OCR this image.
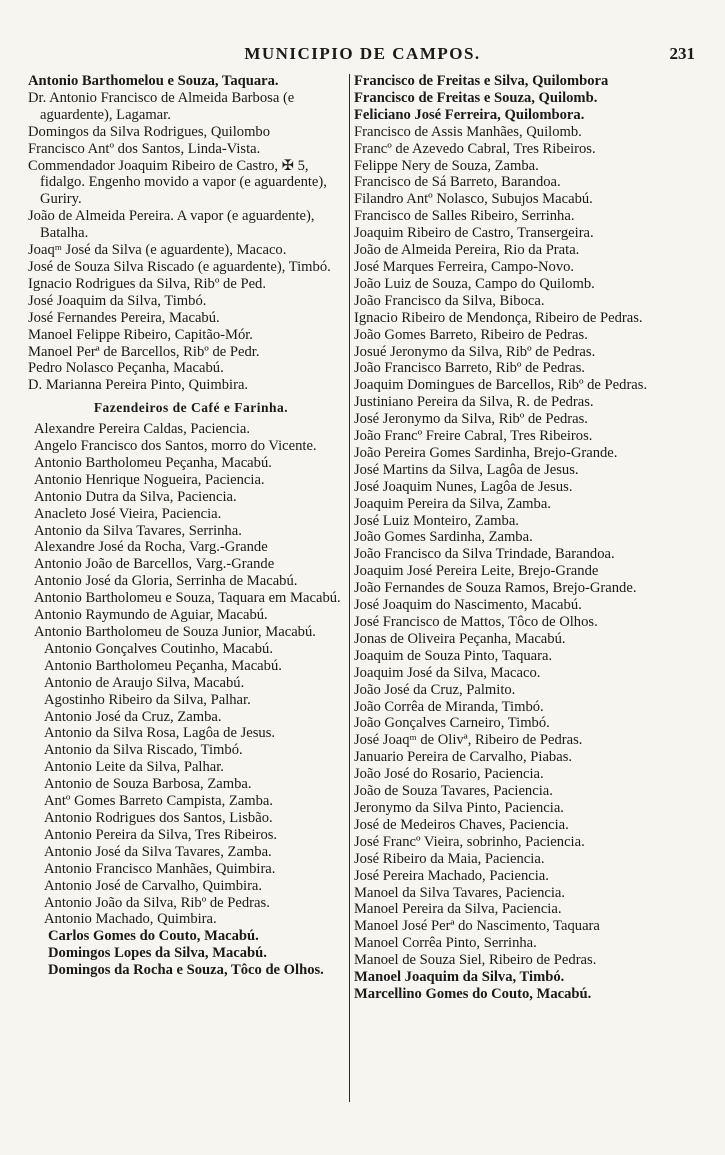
MUNICIPIO DE CAMPOS.	231
Antonio Barthomelou e Souza, Taquara.
Dr. Antonio Francisco de Almeida Barbosa (e aguardente), Lagamar.
Domingos da Silva Rodrigues, Quilombo
Francisco Antº dos Santos, Linda-Vista.
Commendador Joaquim Ribeiro de Castro, ✠ 5, fidalgo. Engenho movido a vapor (e aguardente), Guriry.
João de Almeida Pereira. A vapor (e aguardente), Batalha.
Joaqᵐ José da Silva (e aguardente), Macaco.
José de Souza Silva Riscado (e aguardente), Timbó.
Ignacio Rodrigues da Silva, Ribº de Ped.
José Joaquim da Silva, Timbó.
José Fernandes Pereira, Macabú.
Manoel Felippe Ribeiro, Capitão-Mór.
Manoel Perª de Barcellos, Ribº de Pedr.
Pedro Nolasco Peçanha, Macabú.
D. Marianna Pereira Pinto, Quimbira.
Fazendeiros de Café e Farinha.
Alexandre Pereira Caldas, Paciencia.
Angelo Francisco dos Santos, morro do Vicente.
Antonio Bartholomeu Peçanha, Macabú.
Antonio Henrique Nogueira, Paciencia.
Antonio Dutra da Silva, Paciencia.
Anacleto José Vieira, Paciencia.
Antonio da Silva Tavares, Serrinha.
Alexandre José da Rocha, Varg.-Grande
Antonio João de Barcellos, Varg.-Grande
Antonio José da Gloria, Serrinha de Macabú.
Antonio Bartholomeu e Souza, Taquara em Macabú.
Antonio Raymundo de Aguiar, Macabú.
Antonio Bartholomeu de Souza Junior, Macabú.
Antonio Gonçalves Coutinho, Macabú.
Antonio Bartholomeu Peçanha, Macabú.
Antonio de Araujo Silva, Macabú.
Agostinho Ribeiro da Silva, Palhar.
Antonio José da Cruz, Zamba.
Antonio da Silva Rosa, Lagôa de Jesus.
Antonio da Silva Riscado, Timbó.
Antonio Leite da Silva, Palhar.
Antonio de Souza Barbosa, Zamba.
Antº Gomes Barreto Campista, Zamba.
Antonio Rodrigues dos Santos, Lisbão.
Antonio Pereira da Silva, Tres Ribeiros.
Antonio José da Silva Tavares, Zamba.
Antonio Francisco Manhães, Quimbira.
Antonio José de Carvalho, Quimbira.
Antonio João da Silva, Ribº de Pedras.
Antonio Machado, Quimbira.
Carlos Gomes do Couto, Macabú.
Domingos Lopes da Silva, Macabú.
Domingos da Rocha e Souza, Tôco de Olhos.
Francisco de Freitas e Silva, Quilombora
Francisco de Freitas e Souza, Quilomb.
Feliciano José Ferreira, Quilombora.
Francisco de Assis Manhães, Quilomb.
Francº de Azevedo Cabral, Tres Ribeiros.
Felippe Nery de Souza, Zamba.
Francisco de Sá Barreto, Barandoa.
Filandro Antº Nolasco, Subujos Macabú.
Francisco de Salles Ribeiro, Serrinha.
Joaquim Ribeiro de Castro, Transergeira.
João de Almeida Pereira, Rio da Prata.
José Marques Ferreira, Campo-Novo.
João Luiz de Souza, Campo do Quilomb.
João Francisco da Silva, Biboca.
Ignacio Ribeiro de Mendonça, Ribeiro de Pedras.
João Gomes Barreto, Ribeiro de Pedras.
Josué Jeronymo da Silva, Ribº de Pedras.
João Francisco Barreto, Ribº de Pedras.
Joaquim Domingues de Barcellos, Ribº de Pedras.
Justiniano Pereira da Silva, R. de Pedras.
José Jeronymo da Silva, Ribº de Pedras.
João Francº Freire Cabral, Tres Ribeiros.
João Pereira Gomes Sardinha, Brejo-Grande.
José Martins da Silva, Lagôa de Jesus.
José Joaquim Nunes, Lagôa de Jesus.
Joaquim Pereira da Silva, Zamba.
José Luiz Monteiro, Zamba.
João Gomes Sardinha, Zamba.
João Francisco da Silva Trindade, Barandoa.
Joaquim José Pereira Leite, Brejo-Grande
João Fernandes de Souza Ramos, Brejo-Grande.
José Joaquim do Nascimento, Macabú.
José Francisco de Mattos, Tôco de Olhos.
Jonas de Oliveira Peçanha, Macabú.
Joaquim de Souza Pinto, Taquara.
Joaquim José da Silva, Macaco.
João José da Cruz, Palmito.
João Corrêa de Miranda, Timbó.
João Gonçalves Carneiro, Timbó.
José Joaqᵐ de Olivª, Ribeiro de Pedras.
Januario Pereira de Carvalho, Piabas.
João José do Rosario, Paciencia.
João de Souza Tavares, Paciencia.
Jeronymo da Silva Pinto, Paciencia.
José de Medeiros Chaves, Paciencia.
José Francº Vieira, sobrinho, Paciencia.
José Ribeiro da Maia, Paciencia.
José Pereira Machado, Paciencia.
Manoel da Silva Tavares, Paciencia.
Manoel Pereira da Silva, Paciencia.
Manoel José Perª do Nascimento, Taquara
Manoel Corrêa Pinto, Serrinha.
Manoel de Souza Siel, Ribeiro de Pedras.
Manoel Joaquim da Silva, Timbó.
Marcellino Gomes do Couto, Macabú.
